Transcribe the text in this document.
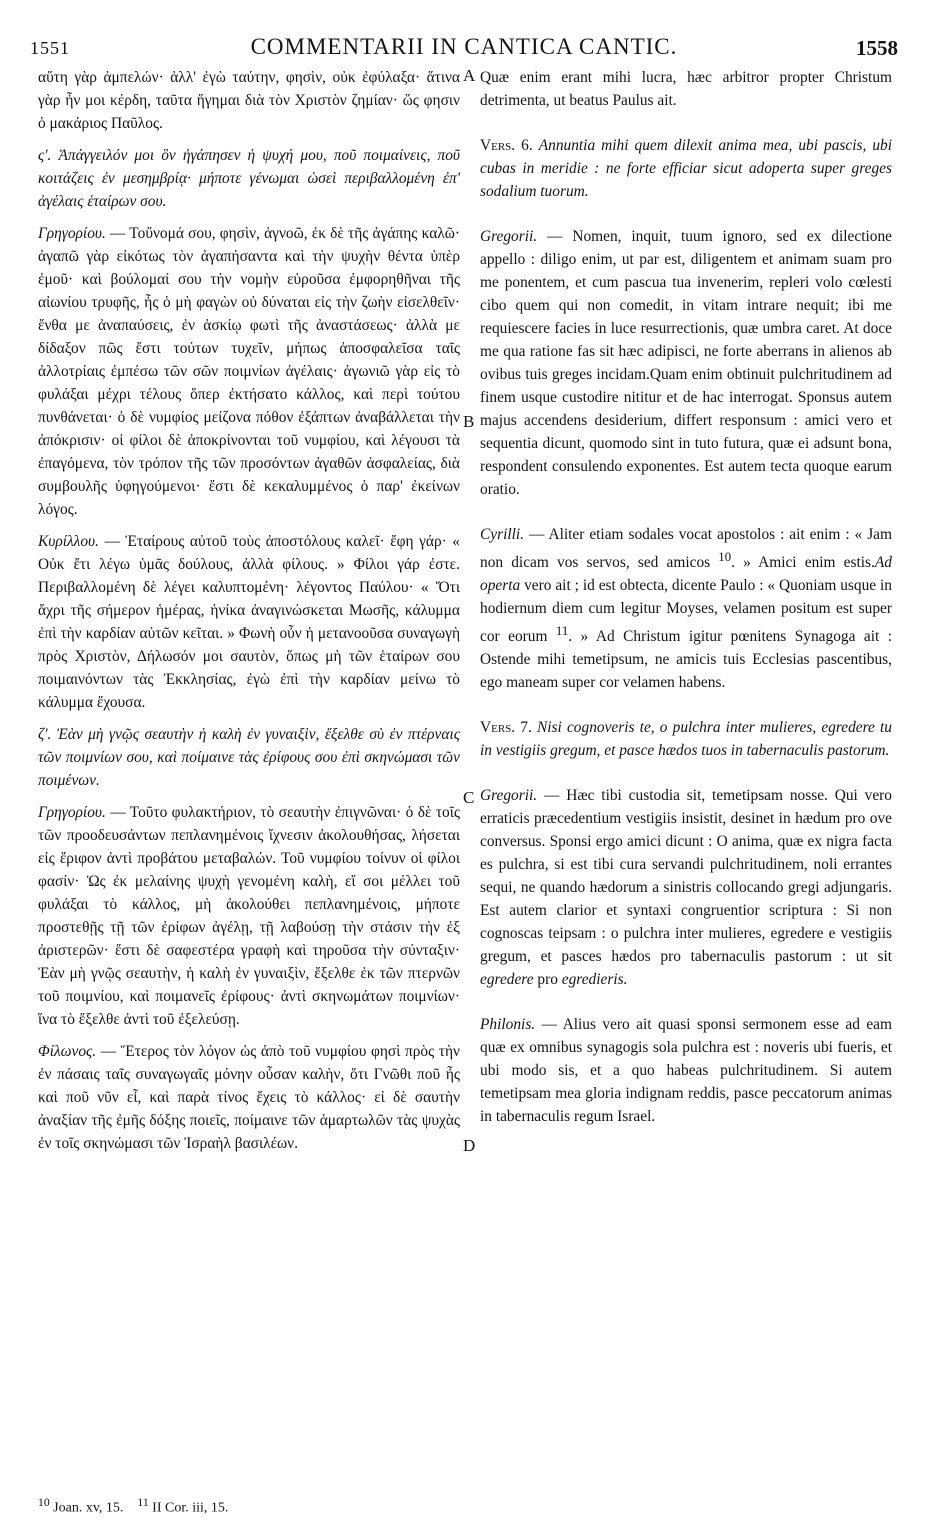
1551	COMMENTARII IN CANTICA CANTIC.	1558

αὕτη γὰρ ἀμπελών· ἀλλ' ἐγὼ ταύτην, φησὶν, οὐκ ἐφύλαξα· ἅτινα γὰρ ἦν μοι κέρδη, ταῦτα ἥγημαι διὰ τὸν Χριστὸν ζημίαν· ὥς φησιν ὁ μακάριος Παῦλος.

ς'. Ἀπάγγειλόν μοι ὃν ἠγάπησεν ἡ ψυχή μου, ποῦ ποιμαίνεις, ποῦ κοιτάζεις ἐν μεσημβρίᾳ· μήποτε γένωμαι ὡσεὶ περιβαλλομένη ἐπ' ἀγέλαις ἑταίρων σου.

Γρηγορίου. — Τοὔνομά σου, φησὶν, ἀγνοῶ, ἐκ δὲ τῆς ἀγάπης καλῶ· ἀγαπῶ γὰρ εἰκότως τὸν ἀγαπήσαντα καὶ τὴν ψυχὴν θέντα ὑπὲρ ἐμοῦ· καὶ βούλομαί σου τὴν νομὴν εὑροῦσα ἐμφορηθῆναι τῆς αἰωνίου τρυφῆς, ἧς ὁ μὴ φαγὼν οὐ δύναται εἰς τὴν ζωὴν εἰσελθεῖν· ἔνθα με ἀναπαύσεις, ἐν ἀσκίῳ φωτὶ τῆς ἀναστάσεως· ἀλλὰ με δίδαξον πῶς ἔστι τούτων τυχεῖν, μήπως ἀποσφαλεῖσα ταῖς ἀλλοτρίαις ἐμπέσω τῶν σῶν ποιμνίων ἀγέλαις· ἀγωνιῶ γὰρ εἰς τὸ φυλάξαι μέχρι τέλους ὅπερ ἐκτήσατο κάλλος, καὶ περὶ τούτου πυνθάνεται· ὁ δὲ νυμφίος μείζονα πόθον ἐξάπτων ἀναβάλλεται τὴν ἀπόκρισιν· οἱ φίλοι δὲ ἀποκρίνονται τοῦ νυμφίου, καὶ λέγουσι τὰ ἐπαγόμενα, τὸν τρόπον τῆς τῶν προσόντων ἀγαθῶν ἀσφαλείας, διὰ συμβουλῆς ὑφηγούμενοι· ἔστι δὲ κεκαλυμμένος ὁ παρ' ἐκείνων λόγος.

Κυρίλλου. — Ἑταίρους αὐτοῦ τοὺς ἀποστόλους καλεῖ· ἔφη γάρ· « Οὐκ ἔτι λέγω ὑμᾶς δούλους, ἀλλὰ φίλους. » Φίλοι γάρ ἐστε. Περιβαλλομένη δὲ λέγει καλυπτομένη· λέγοντος Παύλου· « Ὅτι ἄχρι τῆς σήμερον ἡμέρας, ἡνίκα ἀναγινώσκεται Μωσῆς, κάλυμμα ἐπὶ τὴν καρδίαν αὐτῶν κεῖται. » Φωνὴ οὖν ἡ μετανοοῦσα συναγωγὴ πρὸς Χριστὸν, Δήλωσόν μοι σαυτὸν, ὅπως μὴ τῶν ἑταίρων σου ποιμαινόντων τὰς Ἐκκλησίας, ἐγὼ ἐπὶ τὴν καρδίαν μείνω τὸ κάλυμμα ἔχουσα.

ζ'. Ἐὰν μὴ γνῷς σεαυτὴν ἡ καλὴ ἐν γυναιξὶν, ἔξελθε σὺ ἐν πτέρναις τῶν ποιμνίων σου, καὶ ποίμαινε τὰς ἐρίφους σου ἐπὶ σκηνώμασι τῶν ποιμένων.

Γρηγορίου. — Τοῦτο φυλακτήριον, τὸ σεαυτὴν ἐπιγνῶναι· ὁ δὲ τοῖς τῶν προοδευσάντων πεπλανημένοις ἴχνεσιν ἀκολουθήσας, λήσεται εἰς ἔριφον ἀντὶ προβάτου μεταβαλών. Τοῦ νυμφίου τοίνυν οἱ φίλοι φασίν· Ὡς ἐκ μελαίνης ψυχὴ γενομένη καλὴ, εἴ σοι μέλλει τοῦ φυλάξαι τὸ κάλλος, μὴ ἀκολούθει πεπλανημένοις, μήποτε προστεθῇς τῇ τῶν ἐρίφων ἀγέλῃ, τῇ λαβούσῃ τὴν στάσιν τὴν ἐξ ἀριστερῶν· ἔστι δὲ σαφεστέρα γραφὴ καὶ τηροῦσα τὴν σύνταξιν· Ἐὰν μὴ γνῷς σεαυτὴν, ἡ καλὴ ἐν γυναιξὶν, ἔξελθε ἐκ τῶν πτερνῶν τοῦ ποιμνίου, καὶ ποιμανεῖς ἐρίφους· ἀντὶ σκηνωμάτων ποιμνίων· ἵνα τὸ ἔξελθε ἀντὶ τοῦ ἐξελεύσῃ.

Φίλωνος. — Ἕτερος τὸν λόγον ὡς ἀπὸ τοῦ νυμφίου φησὶ πρὸς τὴν ἐν πάσαις ταῖς συναγωγαῖς μόνην οὖσαν καλὴν, ὅτι Γνῶθι ποῦ ἦς καὶ ποῦ νῦν εἶ, καὶ παρὰ τίνος ἔχεις τὸ κάλλος· εἰ δὲ σαυτὴν ἀναξίαν τῆς ἐμῆς δόξης ποιεῖς, ποίμαινε τῶν ἁμαρτωλῶν τὰς ψυχὰς ἐν τοῖς σκηνώμασι τῶν Ἰσραὴλ βασιλέων.

Quæ enim erant mihi lucra, hæc arbitror propter Christum detrimenta, ut beatus Paulus ait.

Vers. 6. Annuntia mihi quem dilexit anima mea, ubi pascis, ubi cubas in meridie : ne forte efficiar sicut adoperta super greges sodalium tuorum.

Gregorii. — Nomen, inquit, tuum ignoro, sed ex dilectione appello : diligo enim, ut par est, diligentem et animam suam pro me ponentem, et cum pascua tua invenerim, repleri volo cœlesti cibo quem qui non comedit, in vitam intrare nequit; ibi me requiescere facies in luce resurrectionis, quæ umbra caret. At doce me qua ratione fas sit hæc adipisci, ne forte aberrans in alienos ab ovibus tuis greges incidam.Quam enim obtinuit pulchritudinem ad finem usque custodire nititur et de hac interrogat. Sponsus autem majus accendens desiderium, differt responsum : amici vero et sequentia dicunt, quomodo sint in tuto futura, quæ ei adsunt bona, respondent consulendo exponentes. Est autem tecta quoque earum oratio.

Cyrilli. — Aliter etiam sodales vocat apostolos : ait enim : « Jam non dicam vos servos, sed amicos $^{10}$. » Amici enim estis.Ad operta vero ait ; id est obtecta, dicente Paulo : « Quoniam usque in hodiernum diem cum legitur Moyses, velamen positum est super cor eorum $^{11}$. » Ad Christum igitur pœnitens Synagoga ait : Ostende mihi temetipsum, ne amicis tuis Ecclesias pascentibus, ego maneam super cor velamen habens.

Vers. 7. Nisi cognoveris te, o pulchra inter mulieres, egredere tu in vestigiis gregum, et pasce hædos tuos in tabernaculis pastorum.

Gregorii. — Hæc tibi custodia sit, temetipsam nosse. Qui vero erraticis præcedentium vestigiis insistit, desinet in hædum pro ove conversus. Sponsi ergo amici dicunt : O anima, quæ ex nigra facta es pulchra, si est tibi cura servandi pulchritudinem, noli errantes sequi, ne quando hædorum a sinistris collocando gregi adjungaris. Est autem clarior et syntaxi congruentior scriptura : Si non cognoscas teipsam : o pulchra inter mulieres, egredere e vestigiis gregum, et pasces hædos pro tabernaculis pastorum : ut sit egredere pro egredieris.

Philonis. — Alius vero ait quasi sponsi sermonem esse ad eam quæ ex omnibus synagogis sola pulchra est : noveris ubi fueris, et ubi modo sis, et a quo habeas pulchritudinem. Si autem temetipsam mea gloria indignam reddis, pasce peccatorum animas in tabernaculis regum Israel.

A
B
C
D
$^{10}$ Joan. xv, 15. $^{11}$ II Cor. iii, 15.
